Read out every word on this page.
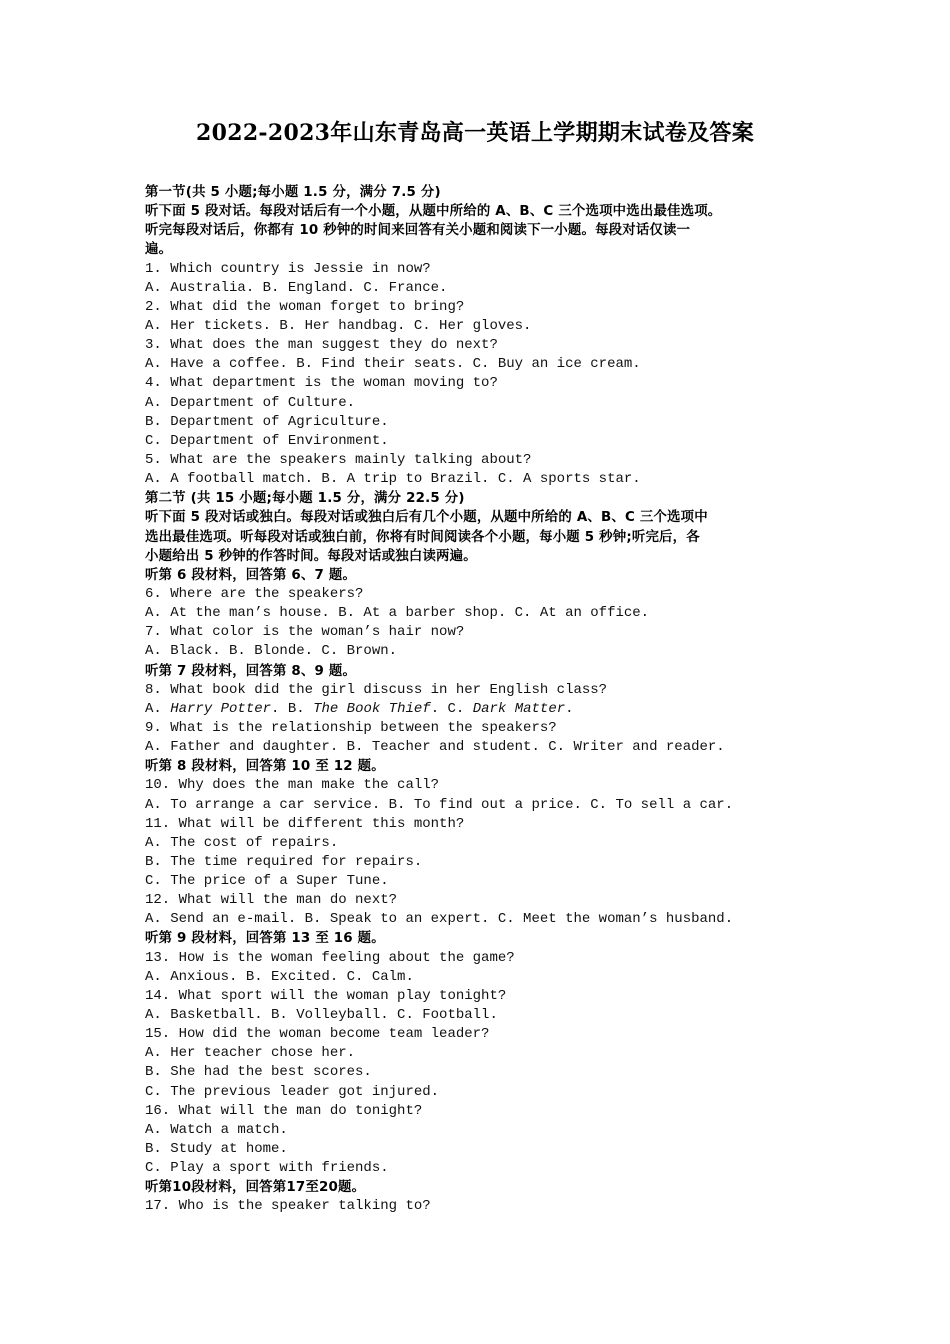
2022-2023年山东青岛高一英语上学期期末试卷及答案
第一节(共 5 小题;每小题 1.5 分，满分 7.5 分)
听下面 5 段对话。每段对话后有一个小题，从题中所给的 A、B、C 三个选项中选出最佳选项。
听完每段对话后，你都有 10 秒钟的时间来回答有关小题和阅读下一小题。每段对话仅读一
遍。
1. Which country is Jessie in now?
A. Australia. B. England. C. France.
2. What did the woman forget to bring?
A. Her tickets. B. Her handbag. C. Her gloves.
3. What does the man suggest they do next?
A. Have a coffee. B. Find their seats. C. Buy an ice cream.
4. What department is the woman moving to?
A. Department of Culture.
B. Department of Agriculture.
C. Department of Environment.
5. What are the speakers mainly talking about?
A. A football match. B. A trip to Brazil. C. A sports star.
第二节 (共 15 小题;每小题 1.5 分，满分 22.5 分)
听下面 5 段对话或独白。每段对话或独白后有几个小题，从题中所给的 A、B、C 三个选项中
选出最佳选项。听每段对话或独白前，你将有时间阅读各个小题，每小题 5 秒钟;听完后，各
小题给出 5 秒钟的作答时间。每段对话或独白读两遍。
听第 6 段材料，回答第 6、7 题。
6. Where are the speakers?
A. At the man’s house. B. At a barber shop. C. At an office.
7. What color is the woman’s hair now?
A. Black. B. Blonde. C. Brown.
听第 7 段材料，回答第 8、9 题。
8. What book did the girl discuss in her English class?
A. Harry Potter. B. The Book Thief. C. Dark Matter.
9. What is the relationship between the speakers?
A. Father and daughter. B. Teacher and student. C. Writer and reader.
听第 8 段材料，回答第 10 至 12 题。
10. Why does the man make the call?
A. To arrange a car service. B. To find out a price. C. To sell a car.
11. What will be different this month?
A. The cost of repairs.
B. The time required for repairs.
C. The price of a Super Tune.
12. What will the man do next?
A. Send an e-mail. B. Speak to an expert. C. Meet the woman’s husband.
听第 9 段材料，回答第 13 至 16 题。
13. How is the woman feeling about the game?
A. Anxious. B. Excited. C. Calm.
14. What sport will the woman play tonight?
A. Basketball. B. Volleyball. C. Football.
15. How did the woman become team leader?
A. Her teacher chose her.
B. She had the best scores.
C. The previous leader got injured.
16. What will the man do tonight?
A. Watch a match.
B. Study at home.
C. Play a sport with friends.
听第10段材料，回答第17至20题。
17. Who is the speaker talking to?
